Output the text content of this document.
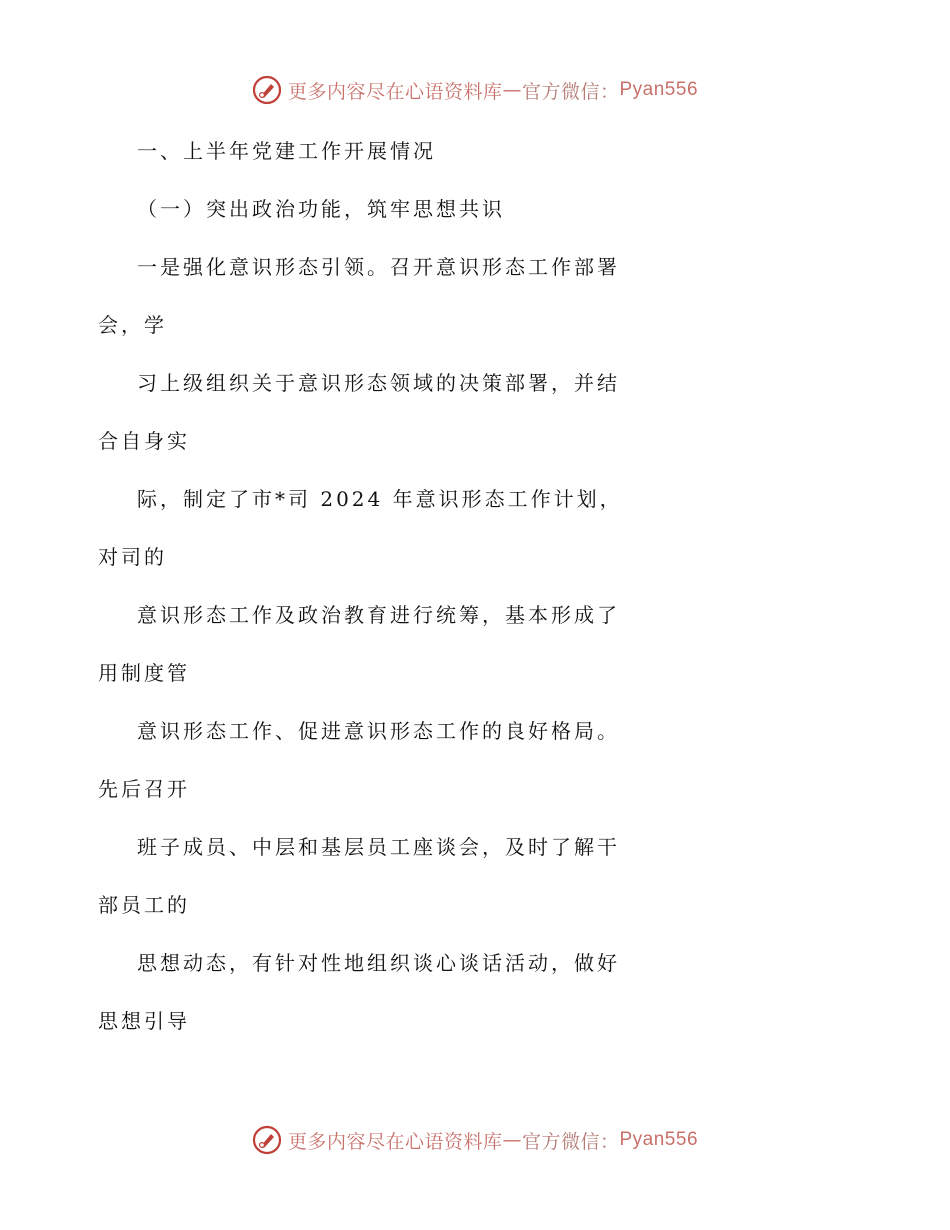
更多内容尽在心语资料库 — 官方微信： Pyan556
一、上半年党建工作开展情况
（一）突出政治功能，筑牢思想共识
一是强化意识形态引领。召开意识形态工作部署
会，学
习上级组织关于意识形态领域的决策部署，并结
合自身实
际，制定了市*司 2024 年意识形态工作计划，
对司的
意识形态工作及政治教育进行统筹，基本形成了
用制度管
意识形态工作、促进意识形态工作的良好格局。
先后召开
班子成员、中层和基层员工座谈会，及时了解干
部员工的
思想动态，有针对性地组织谈心谈话活动，做好
思想引导
更多内容尽在心语资料库 — 官方微信： Pyan556
